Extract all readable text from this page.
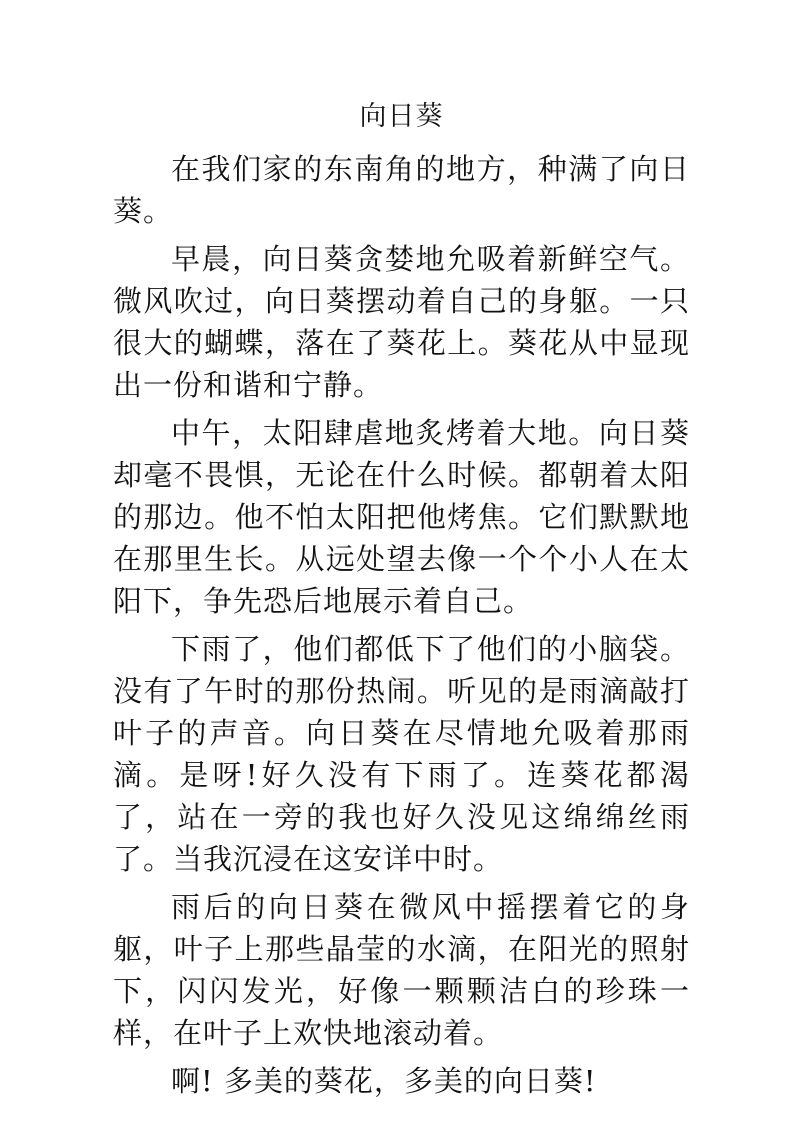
向日葵

在我们家的东南角的地方，种满了向日葵。

早晨，向日葵贪婪地允吸着新鲜空气。微风吹过，向日葵摆动着自己的身躯。一只很大的蝴蝶，落在了葵花上。葵花从中显现出一份和谐和宁静。

中午，太阳肆虐地炙烤着大地。向日葵却毫不畏惧，无论在什么时候。都朝着太阳的那边。他不怕太阳把他烤焦。它们默默地在那里生长。从远处望去像一个个小人在太阳下，争先恐后地展示着自己。

下雨了，他们都低下了他们的小脑袋。没有了午时的那份热闹。听见的是雨滴敲打叶子的声音。向日葵在尽情地允吸着那雨滴。是呀!好久没有下雨了。连葵花都渴了，站在一旁的我也好久没见这绵绵丝雨了。当我沉浸在这安详中时。

雨后的向日葵在微风中摇摆着它的身躯，叶子上那些晶莹的水滴，在阳光的照射下，闪闪发光，好像一颗颗洁白的珍珠一样，在叶子上欢快地滚动着。

啊! 多美的葵花，多美的向日葵!
